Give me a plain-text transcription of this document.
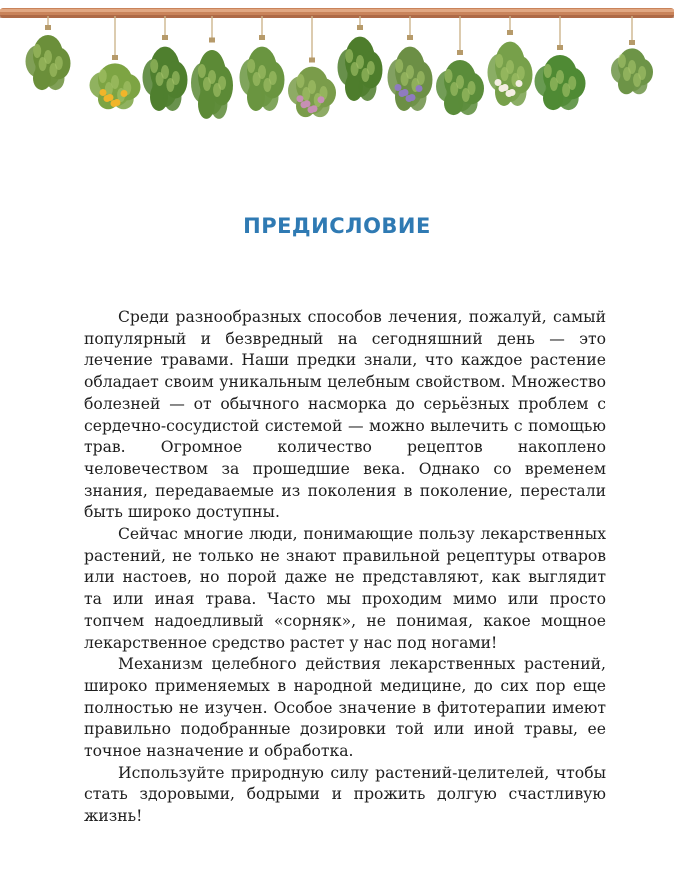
ПРЕДИСЛОВИЕ

Среди разнообразных способов лечения, пожалуй, самый популярный и безвредный на сегодняшний день — это лечение травами. Наши предки знали, что каждое растение обладает своим уникальным целебным свойством. Множество болезней — от обычного насморка до серьёзных проблем с сердечно-сосудистой системой — можно вылечить с помощью трав. Огромное количество рецептов накоплено человечеством за прошедшие века. Однако со временем знания, передаваемые из поколения в поколение, перестали быть широко доступны.

Сейчас многие люди, понимающие пользу лекарственных растений, не только не знают правильной рецептуры отваров или настоев, но порой даже не представляют, как выглядит та или иная трава. Часто мы проходим мимо или просто топчем надоедливый «сорняк», не понимая, какое мощное лекарственное средство растет у нас под ногами!

Механизм целебного действия лекарственных растений, широко применяемых в народной медицине, до сих пор еще полностью не изучен. Особое значение в фитотерапии имеют правильно подобранные дозировки той или иной травы, ее точное назначение и обработка.

Используйте природную силу растений-целителей, чтобы стать здоровыми, бодрыми и прожить долгую счастливую жизнь!
